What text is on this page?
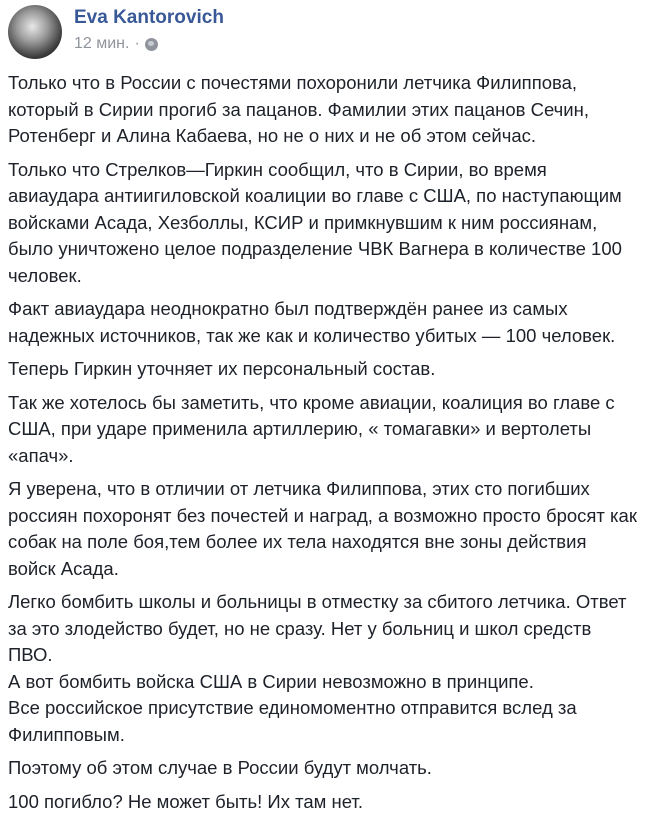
Eva Kantorovich
12 мин. ·

Только что в России с почестями похоронили летчика Филиппова,
который в Сирии прогиб за пацанов. Фамилии этих пацанов Сечин,
Ротенберг и Алина Кабаева, но не о них и не об этом сейчас.

Только что Стрелков—Гиркин сообщил, что в Сирии, во время
авиаудара антиигиловской коалиции во главе с США, по наступающим
войсками Асада, Хезболлы, КСИР и примкнувшим к ним россиянам,
было уничтожено целое подразделение ЧВК Вагнера в количестве 100
человек.

Факт авиаудара неоднократно был подтверждён ранее из самых
надежных источников, так же как и количество убитых — 100 человек.

Теперь Гиркин уточняет их персональный состав.

Так же хотелось бы заметить, что кроме авиации, коалиция во главе с
США, при ударе применила артиллерию, « томагавки» и вертолеты
«апач».

Я уверена, что в отличии от летчика Филиппова, этих сто погибших
россиян похоронят без почестей и наград, а возможно просто бросят как
собак на поле боя,тем более их тела находятся вне зоны действия
войск Асада.

Легко бомбить школы и больницы в отместку за сбитого летчика. Ответ
за это злодейство будет, но не сразу. Нет у больниц и школ средств
ПВО.
А вот бомбить войска США в Сирии невозможно в принципе.
Все российское присутствие единомоментно отправится вслед за
Филипповым.

Поэтому об этом случае в России будут молчать.

100 погибло? Не может быть! Их там нет.
